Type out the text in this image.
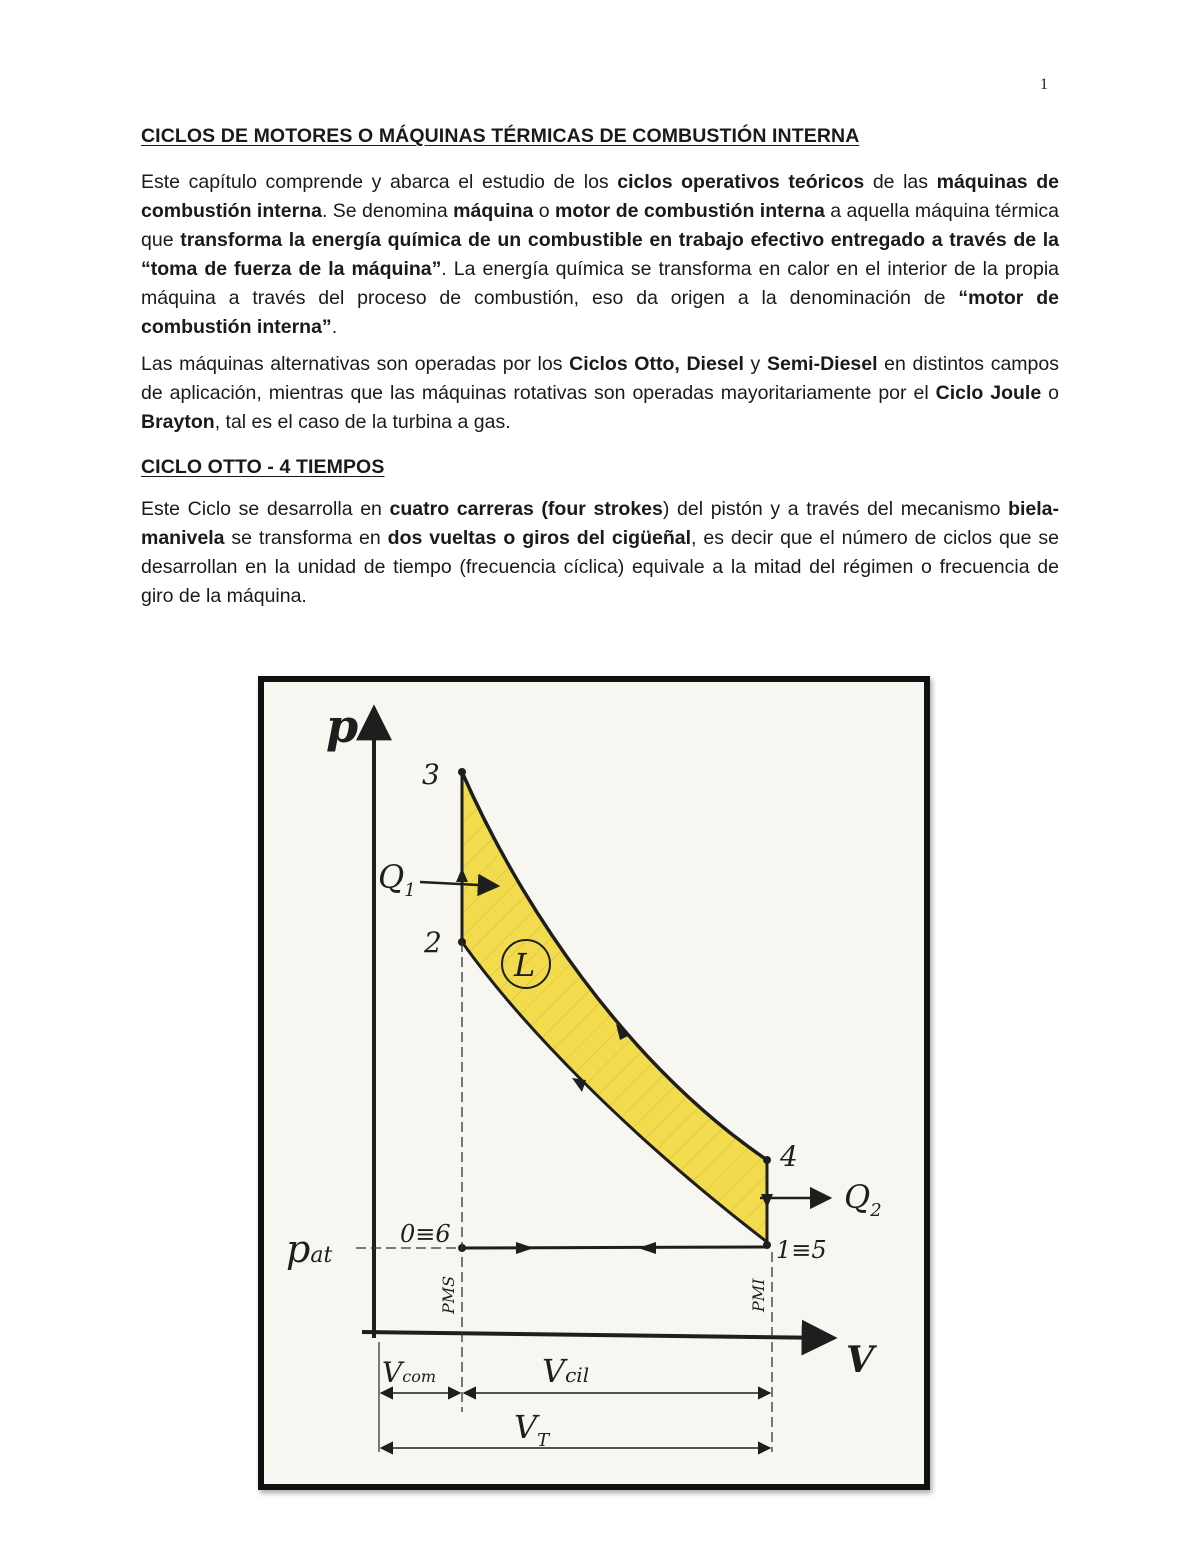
1
CICLOS DE MOTORES O MÁQUINAS TÉRMICAS DE COMBUSTIÓN INTERNA

Este capítulo comprende y abarca el estudio de los ciclos operativos teóricos de las máquinas de combustión interna. Se denomina máquina o motor de combustión interna a aquella máquina térmica que transforma la energía química de un combustible en trabajo efectivo entregado a través de la “toma de fuerza de la máquina”. La energía química se transforma en calor en el interior de la propia máquina a través del proceso de combustión, eso da origen a la denominación de “motor de combustión interna”.

Las máquinas alternativas son operadas por los Ciclos Otto, Diesel y Semi-Diesel en distintos campos de aplicación, mientras que las máquinas rotativas son operadas mayoritariamente por el Ciclo Joule o Brayton, tal es el caso de la turbina a gas.

CICLO OTTO - 4 TIEMPOS

Este Ciclo se desarrolla en cuatro carreras (four strokes) del pistón y a través del mecanismo biela-manivela se transforma en dos vueltas o giros del cigüeñal, es decir que el número de ciclos que se desarrollan en la unidad de tiempo (frecuencia cíclica) equivale a la mitad del régimen o frecuencia de giro de la máquina.

p
V
3
2
4
0≡6
1≡5
L
$Q_1$
$Q_2$
pat
PMS	PMI
Vcom	Vcil
$V_T$
